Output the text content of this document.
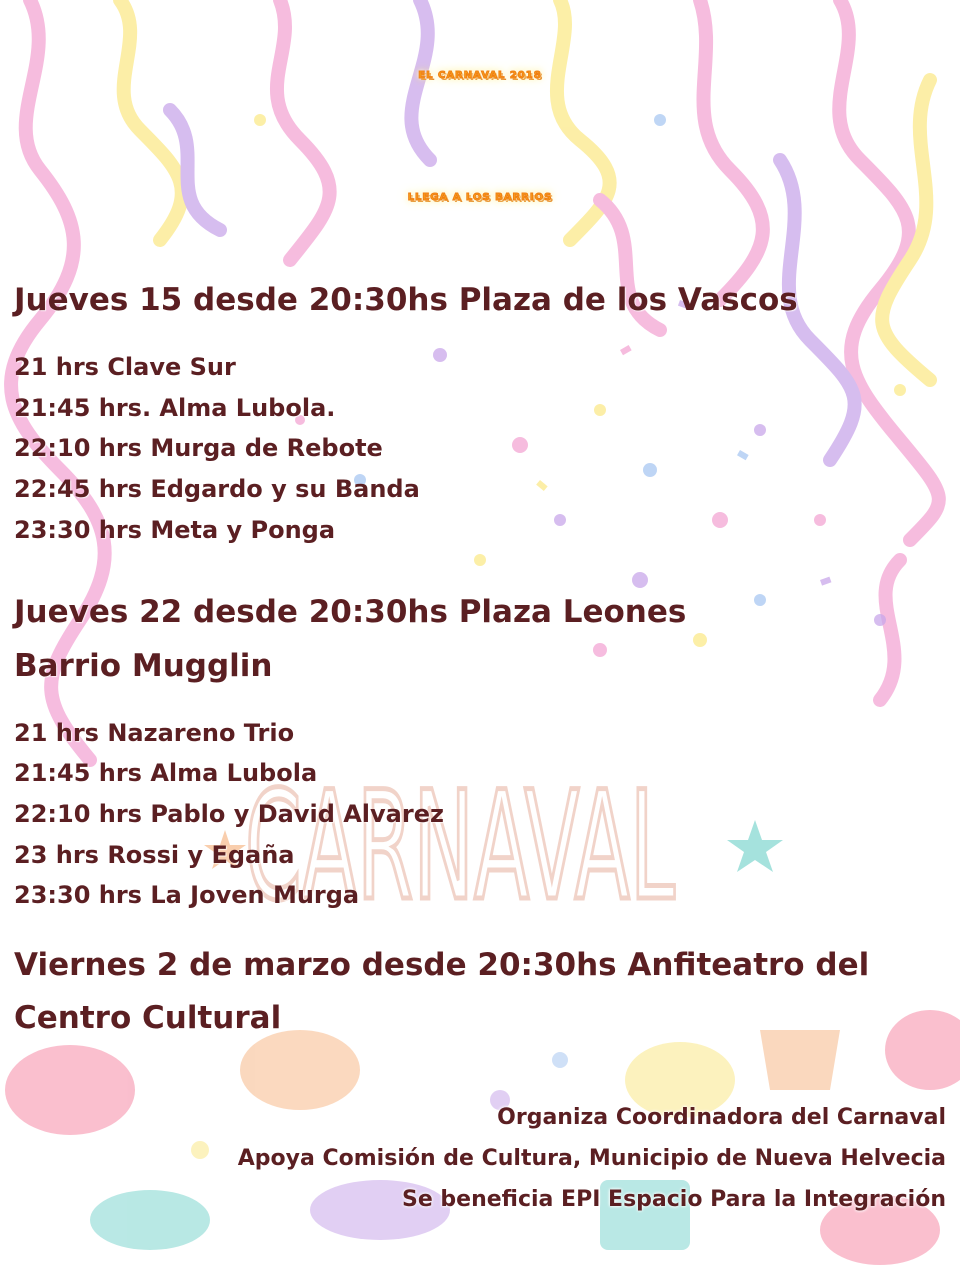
CARNAVAL
EL CARNAVAL 2018
LLEGA A LOS BARRIOS
Jueves 15 desde 20:30hs Plaza de los Vascos
21 hrs Clave Sur
21:45 hrs. Alma Lubola.
22:10 hrs Murga de Rebote
22:45 hrs Edgardo y su Banda
23:30 hrs Meta y Ponga
Jueves 22 desde 20:30hs Plaza Leones
Barrio Mugglin
21 hrs Nazareno Trio
21:45 hrs Alma Lubola
22:10 hrs Pablo y David Alvarez
23 hrs Rossi y Egaña
23:30 hrs La Joven Murga
Viernes 2 de marzo desde 20:30hs Anfiteatro del
Centro Cultural
Organiza Coordinadora del Carnaval
Apoya Comisión de Cultura, Municipio de Nueva Helvecia
Se beneficia EPI Espacio Para la Integración
